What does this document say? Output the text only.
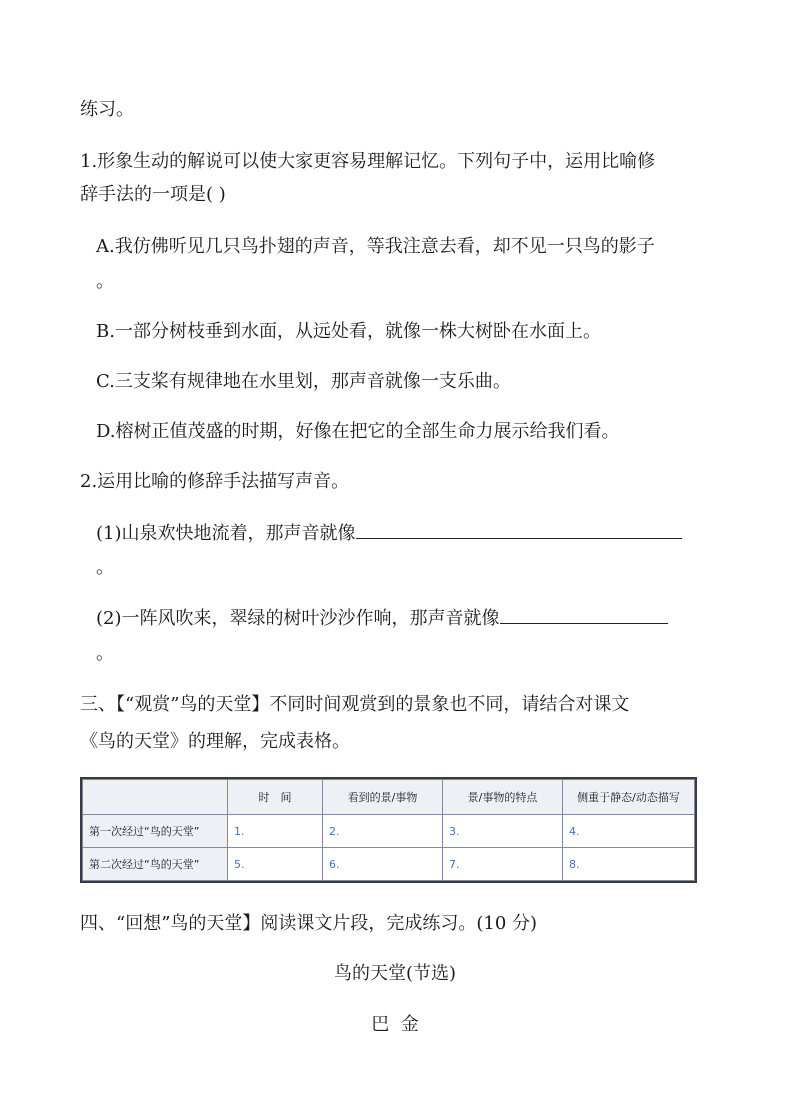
练习。
1.形象生动的解说可以使大家更容易理解记忆。下列句子中，运用比喻修
辞手法的一项是( )
A.我仿佛听见几只鸟扑翅的声音，等我注意去看，却不见一只鸟的影子
。
B.一部分树枝垂到水面，从远处看，就像一株大树卧在水面上。
C.三支桨有规律地在水里划，那声音就像一支乐曲。
D.榕树正值茂盛的时期，好像在把它的全部生命力展示给我们看。
2.运用比喻的修辞手法描写声音。
(1)山泉欢快地流着，那声音就像
。
(2)一阵风吹来，翠绿的树叶沙沙作响，那声音就像
。
三、【“观赏”鸟的天堂】不同时间观赏到的景象也不同，请结合对课文
《鸟的天堂》的理解，完成表格。
	时　间	看到的景/事物	景/事物的特点	侧重于静态/动态描写
第一次经过“鸟的天堂”	1.	2.	3.	4.
第二次经过“鸟的天堂”	5.	6.	7.	8.
四、“回想”鸟的天堂】阅读课文片段，完成练习。(10 分)
鸟的天堂(节选)
巴  金
